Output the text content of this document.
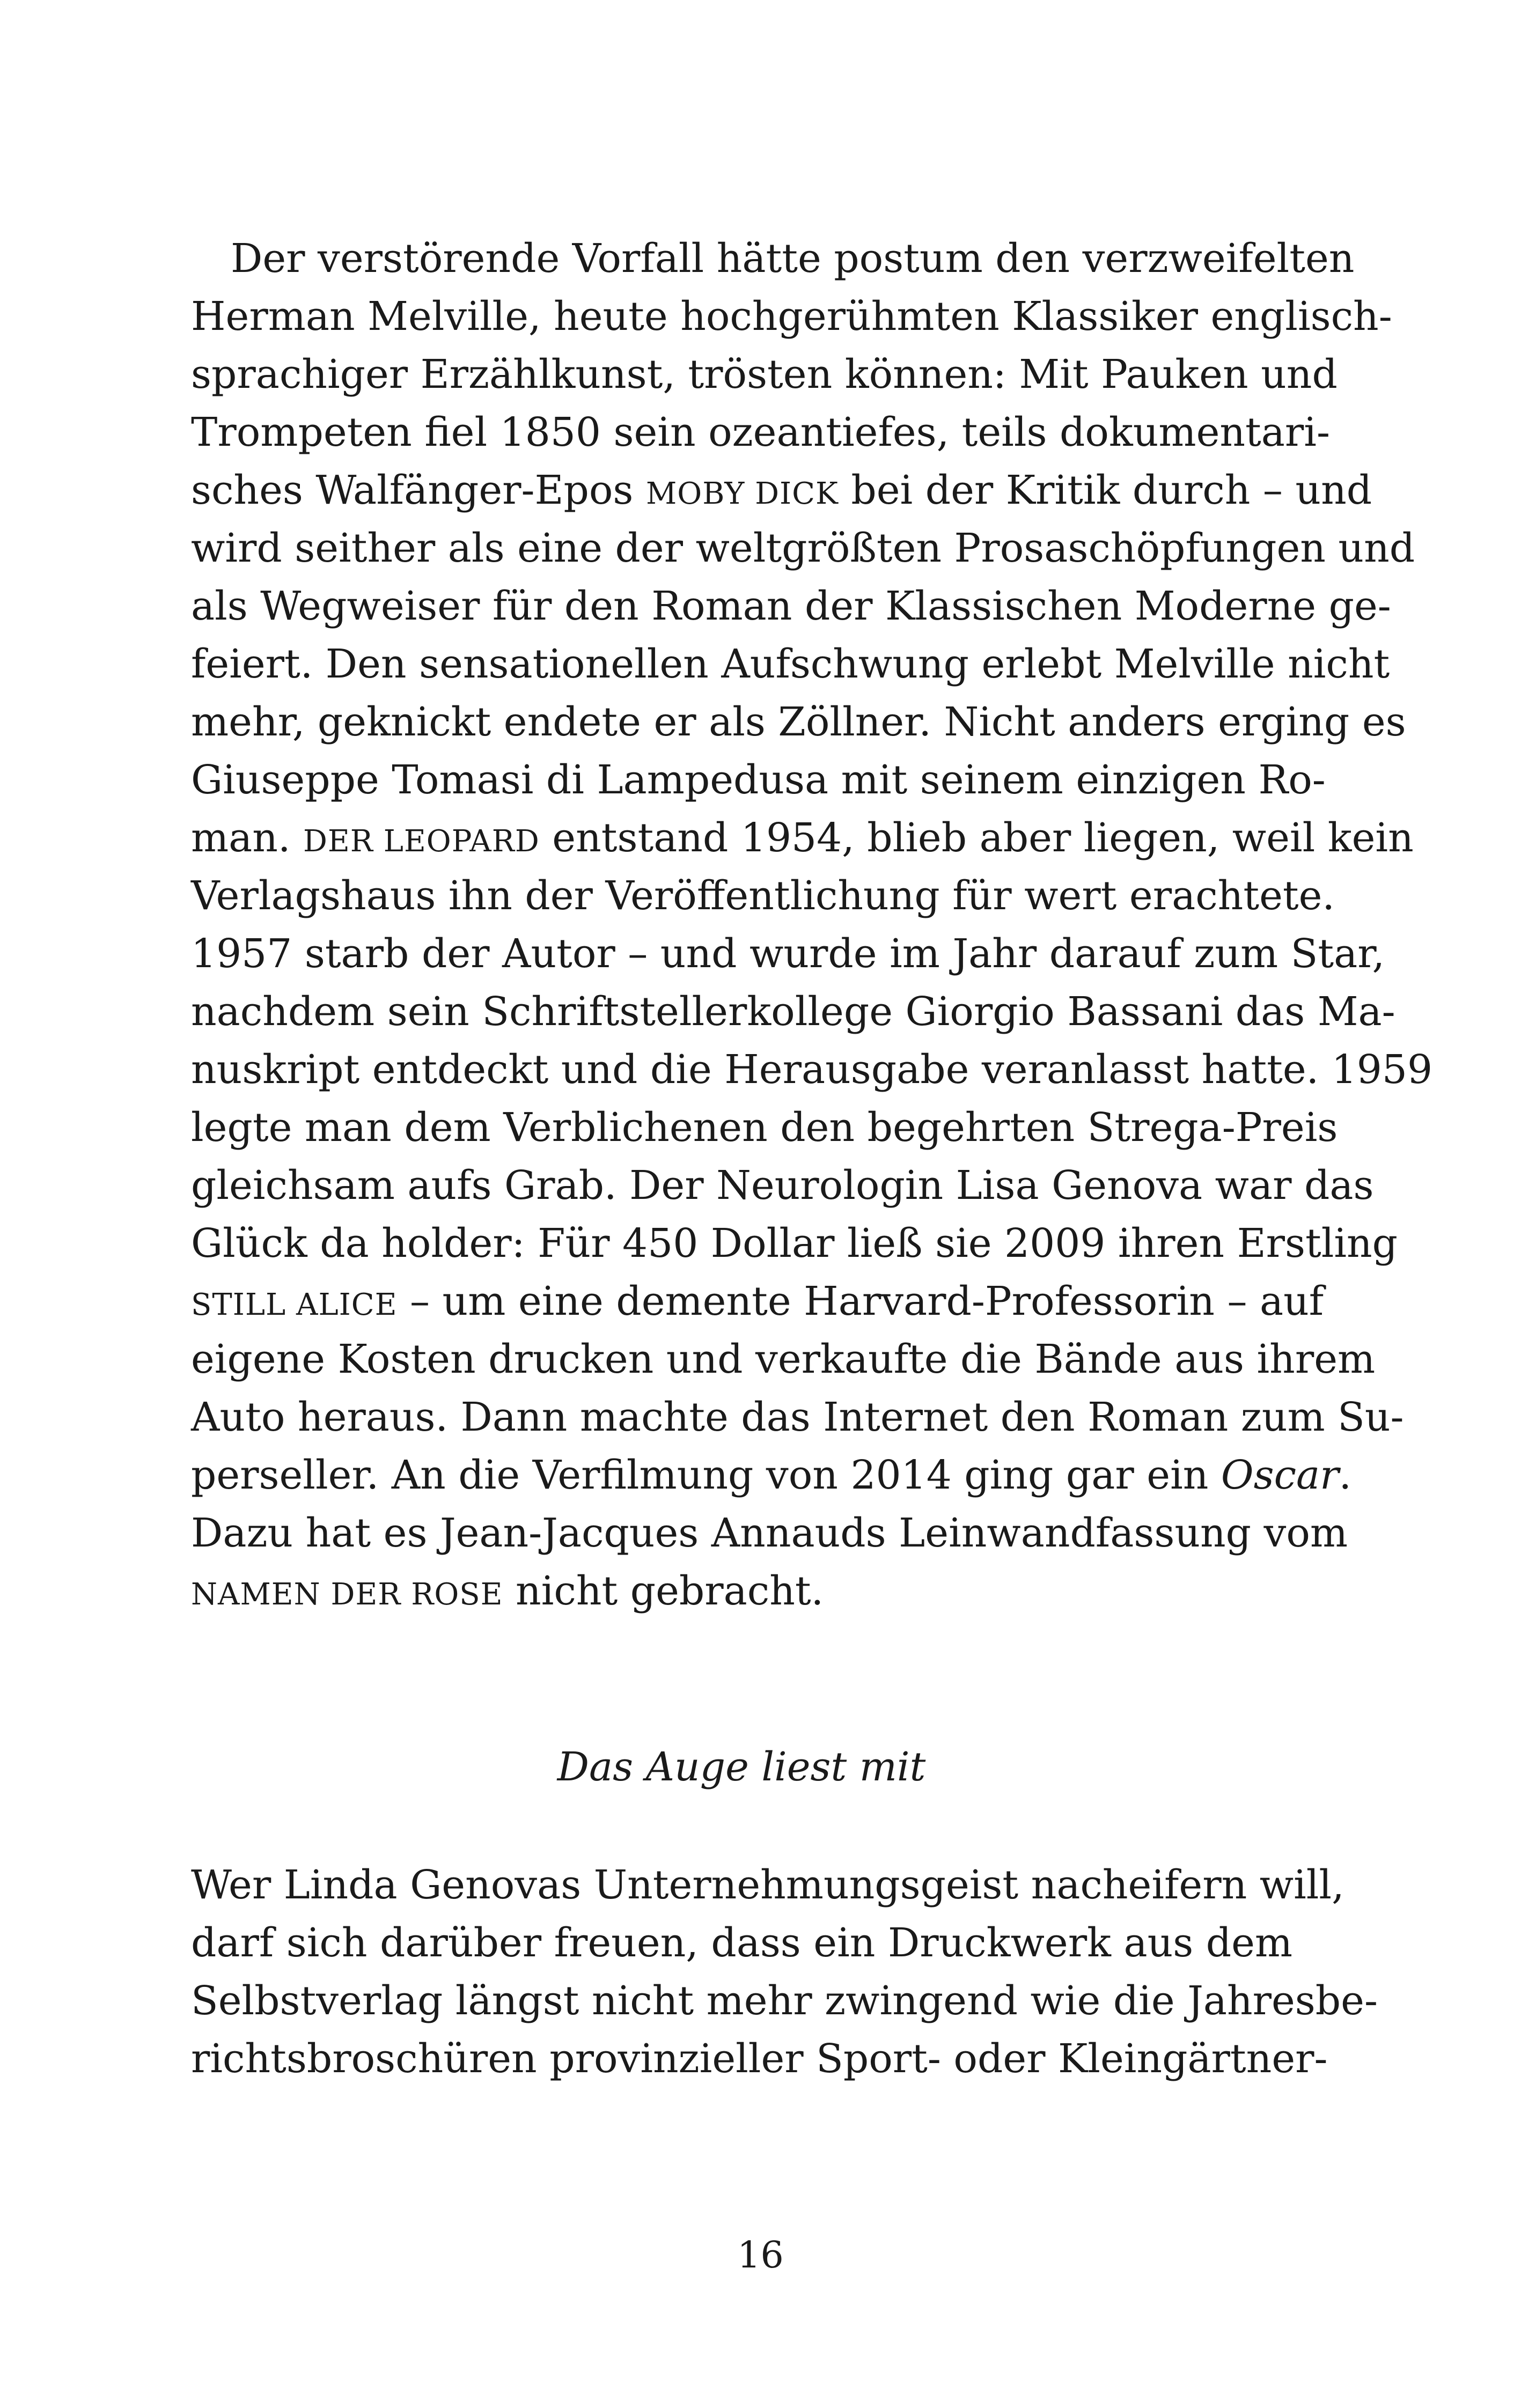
 Der verstörende Vorfall hätte postum den verzweifelten
Herman Melville, heute hochgerühmten Klassiker englisch-
sprachiger Erzählkunst, trösten können: Mit Pauken und
Trompeten fiel 1850 sein ozeantiefes, teils dokumentari-
sches Walfänger-Epos MOBY DICK bei der Kritik durch – und
wird seither als eine der weltgrößten Prosaschöpfungen und
als Wegweiser für den Roman der Klassischen Moderne ge-
feiert. Den sensationellen Aufschwung erlebt Melville nicht
mehr, geknickt endete er als Zöllner. Nicht anders erging es
Giuseppe Tomasi di Lampedusa mit seinem einzigen Ro-
man. DER LEOPARD entstand 1954, blieb aber liegen, weil kein
Verlagshaus ihn der Veröffentlichung für wert erachtete.
1957 starb der Autor – und wurde im Jahr darauf zum Star,
nachdem sein Schriftstellerkollege Giorgio Bassani das Ma-
nuskript entdeckt und die Herausgabe veranlasst hatte. 1959
legte man dem Verblichenen den begehrten Strega-Preis
gleichsam aufs Grab. Der Neurologin Lisa Genova war das
Glück da holder: Für 450 Dollar ließ sie 2009 ihren Erstling
STILL ALICE – um eine demente Harvard-Professorin – auf
eigene Kosten drucken und verkaufte die Bände aus ihrem
Auto heraus. Dann machte das Internet den Roman zum Su-
perseller. An die Verfilmung von 2014 ging gar ein Oscar.
Dazu hat es Jean-Jacques Annauds Leinwandfassung vom
NAMEN DER ROSE nicht gebracht.
Das Auge liest mit
Wer Linda Genovas Unternehmungsgeist nacheifern will,
darf sich darüber freuen, dass ein Druckwerk aus dem
Selbstverlag längst nicht mehr zwingend wie die Jahresbe-
richtsbroschüren provinzieller Sport- oder Kleingärtner-
16
